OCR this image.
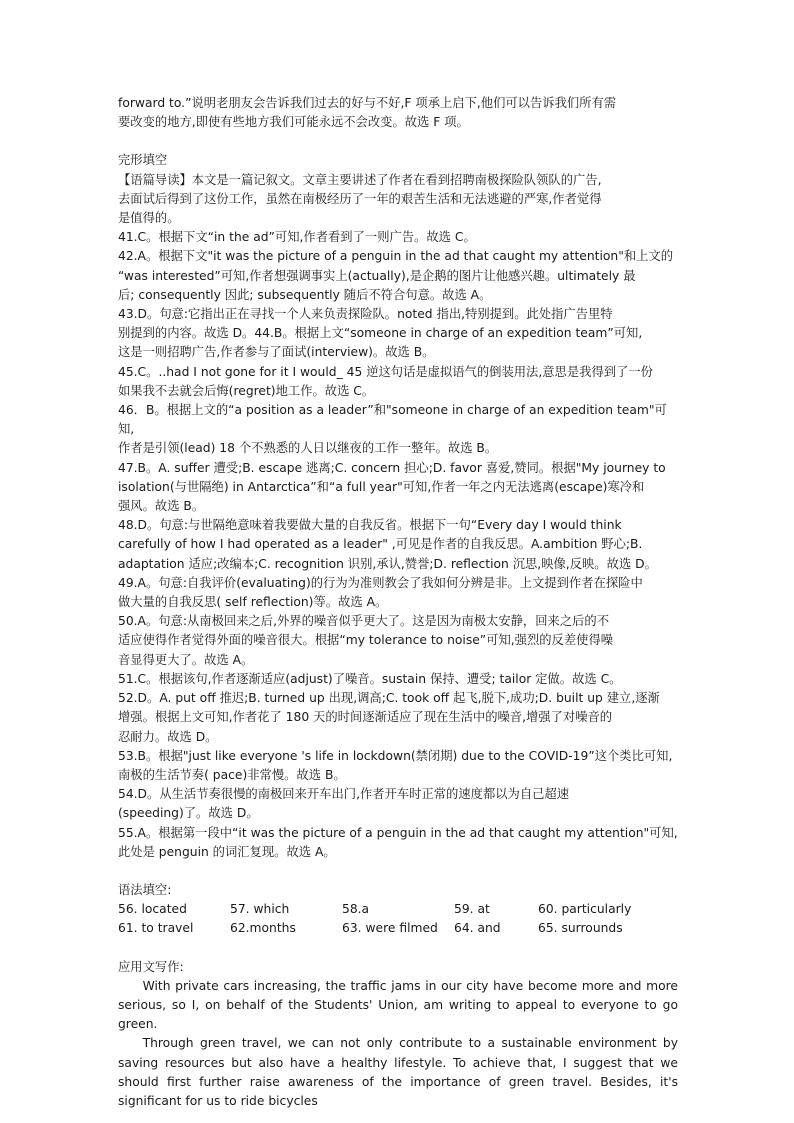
forward to.”说明老朋友会告诉我们过去的好与不好,F 项承上启下,他们可以告诉我们所有需

要改变的地方,即使有些地方我们可能永远不会改变。故选 F 项。

完形填空

【语篇导读】本文是一篇记叙文。文章主要讲述了作者在看到招聘南极探险队领队的广告,

去面试后得到了这份工作，虽然在南极经历了一年的艰苦生活和无法逃避的严寒,作者觉得

是值得的。

41.C。根据下文“in the ad”可知,作者看到了一则广告。故选 C。

42.A。根据下文"it was the picture of a penguin in the ad that caught my attention"和上文的

“was interested”可知,作者想强调事实上(actually),是企鹅的图片让他感兴趣。ultimately 最

后; consequently 因此; subsequently 随后不符合句意。故选 A。

43.D。句意:它指出正在寻找一个人来负责探险队。noted 指出,特别提到。此处指广告里特

别提到的内容。故选 D。44.B。根据上文“someone in charge of an expedition team”可知,

这是一则招聘广告,作者参与了面试(interview)。故选 B。

45.C。..had I not gone for it I would_ 45 逆这句话是虚拟语气的倒装用法,意思是我得到了一份

如果我不去就会后悔(regret)地工作。故选 C。

46．B。根据上文的“a position as a leader”和"someone in charge of an expedition team"可知,

作者是引领(lead) 18 个不熟悉的人日以继夜的工作一整年。故选 B。

47.B。A. suffer 遭受;B. escape 逃离;C. concern 担心;D. favor 喜爱,赞同。根据"My journey to

isolation(与世隔绝) in Antarctica”和“a full year"可知,作者一年之内无法逃离(escape)寒冷和

强风。故选 B。

48.D。句意:与世隔绝意味着我要做大量的自我反省。根据下一句“Every day I would think

carefully of how I had operated as a leader" ,可见是作者的自我反思。A.ambition 野心;B.

adaptation 适应;改编本;C. recognition 识别,承认,赞誉;D. reflection 沉思,映像,反映。故选 D。

49.A。句意:自我评价(evaluating)的行为为准则教会了我如何分辨是非。上文提到作者在探险中

做大量的自我反思( self reflection)等。故选 A。

50.A。句意:从南极回来之后,外界的噪音似乎更大了。这是因为南极太安静，回来之后的不

适应使得作者觉得外面的噪音很大。根据“my tolerance to noise”可知,强烈的反差使得噪

音显得更大了。故选 A。

51.C。根据该句,作者逐渐适应(adjust)了噪音。sustain 保持、遭受; tailor 定做。故选 C。

52.D。A. put off 推迟;B. turned up 出现,调高;C. took off 起飞,脱下,成功;D. built up 建立,逐渐

增强。根据上文可知,作者花了 180 天的时间逐渐适应了现在生活中的噪音,增强了对噪音的

忍耐力。故选 D。

53.B。根据"just like everyone 's life in lockdown(禁闭期) due to the COVID-19”这个类比可知,

南极的生活节奏( pace)非常慢。故选 B。

54.D。从生活节奏很慢的南极回来开车出门,作者开车时正常的速度都以为自己超速

(speeding)了。故选 D。

55.A。根据第一段中“it was the picture of a penguin in the ad that caught my attention"可知,

此处是 penguin 的词汇复现。故选 A。

语法填空:

56. located	57. which	58.a	59. at	60. particularly
61. to travel	62.months	63. were filmed	64. and	65. surrounds

应用文写作:

With private cars increasing, the traffic jams in our city have become more and more serious, so I, on behalf of the Students' Union, am writing to appeal to everyone to go green.

Through green travel, we can not only contribute to a sustainable environment by saving resources but also have a healthy lifestyle. To achieve that, I suggest that we should first further raise awareness of the importance of green travel. Besides, it's significant for us to ride bicycles
